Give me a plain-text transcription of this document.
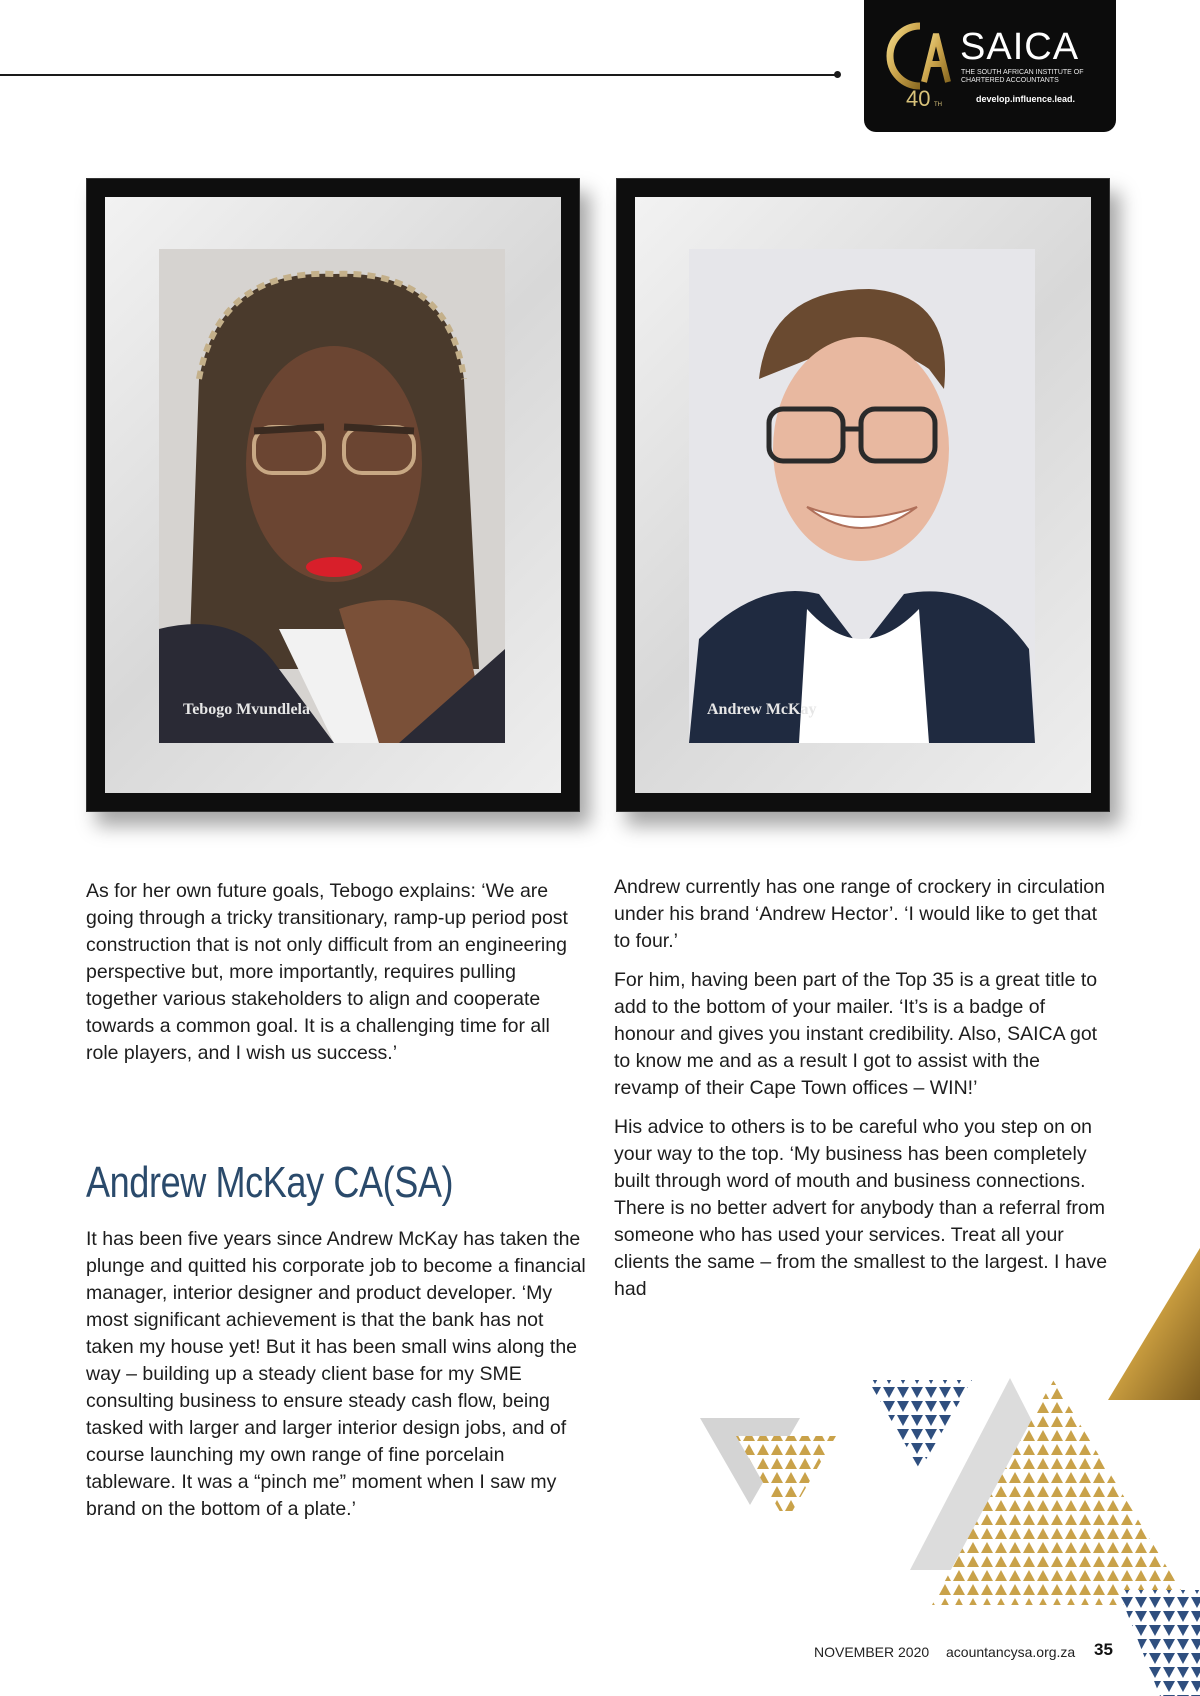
40 TH
SAICA
THE SOUTH AFRICAN INSTITUTE OF CHARTERED ACCOUNTANTS
develop.influence.lead.
Tebogo Mvundlela	Andrew McKay

As for her own future goals, Tebogo explains: ‘We are going through a tricky transitionary, ramp-up period post construction that is not only difficult from an engineering perspective but, more importantly, requires pulling together various stakeholders to align and cooperate towards a common goal. It is a challenging time for all role players, and I wish us success.’

Andrew McKay CA(SA)

It has been five years since Andrew McKay has taken the plunge and quitted his corporate job to become a financial manager, interior designer and product developer. ‘My most significant achievement is that the bank has not taken my house yet! But it has been small wins along the way – building up a steady client base for my SME consulting business to ensure steady cash flow, being tasked with larger and larger interior design jobs, and of course launching my own range of fine porcelain tableware. It was a “pinch me” moment when I saw my brand on the bottom of a plate.’

Andrew currently has one range of crockery in circulation under his brand ‘Andrew Hector’. ‘I would like to get that to four.’

For him, having been part of the Top 35 is a great title to add to the bottom of your mailer. ‘It’s is a badge of honour and gives you instant credibility. Also, SAICA got to know me and as a result I got to assist with the revamp of their Cape Town offices – WIN!’

His advice to others is to be careful who you step on on your way to the top. ‘My business has been completely built through word of mouth and business connections. There is no better advert for anybody than a referral from someone who has used your services. Treat all your clients the same – from the smallest to the largest. I have had

NOVEMBER 2020 acountancysa.org.za 35
